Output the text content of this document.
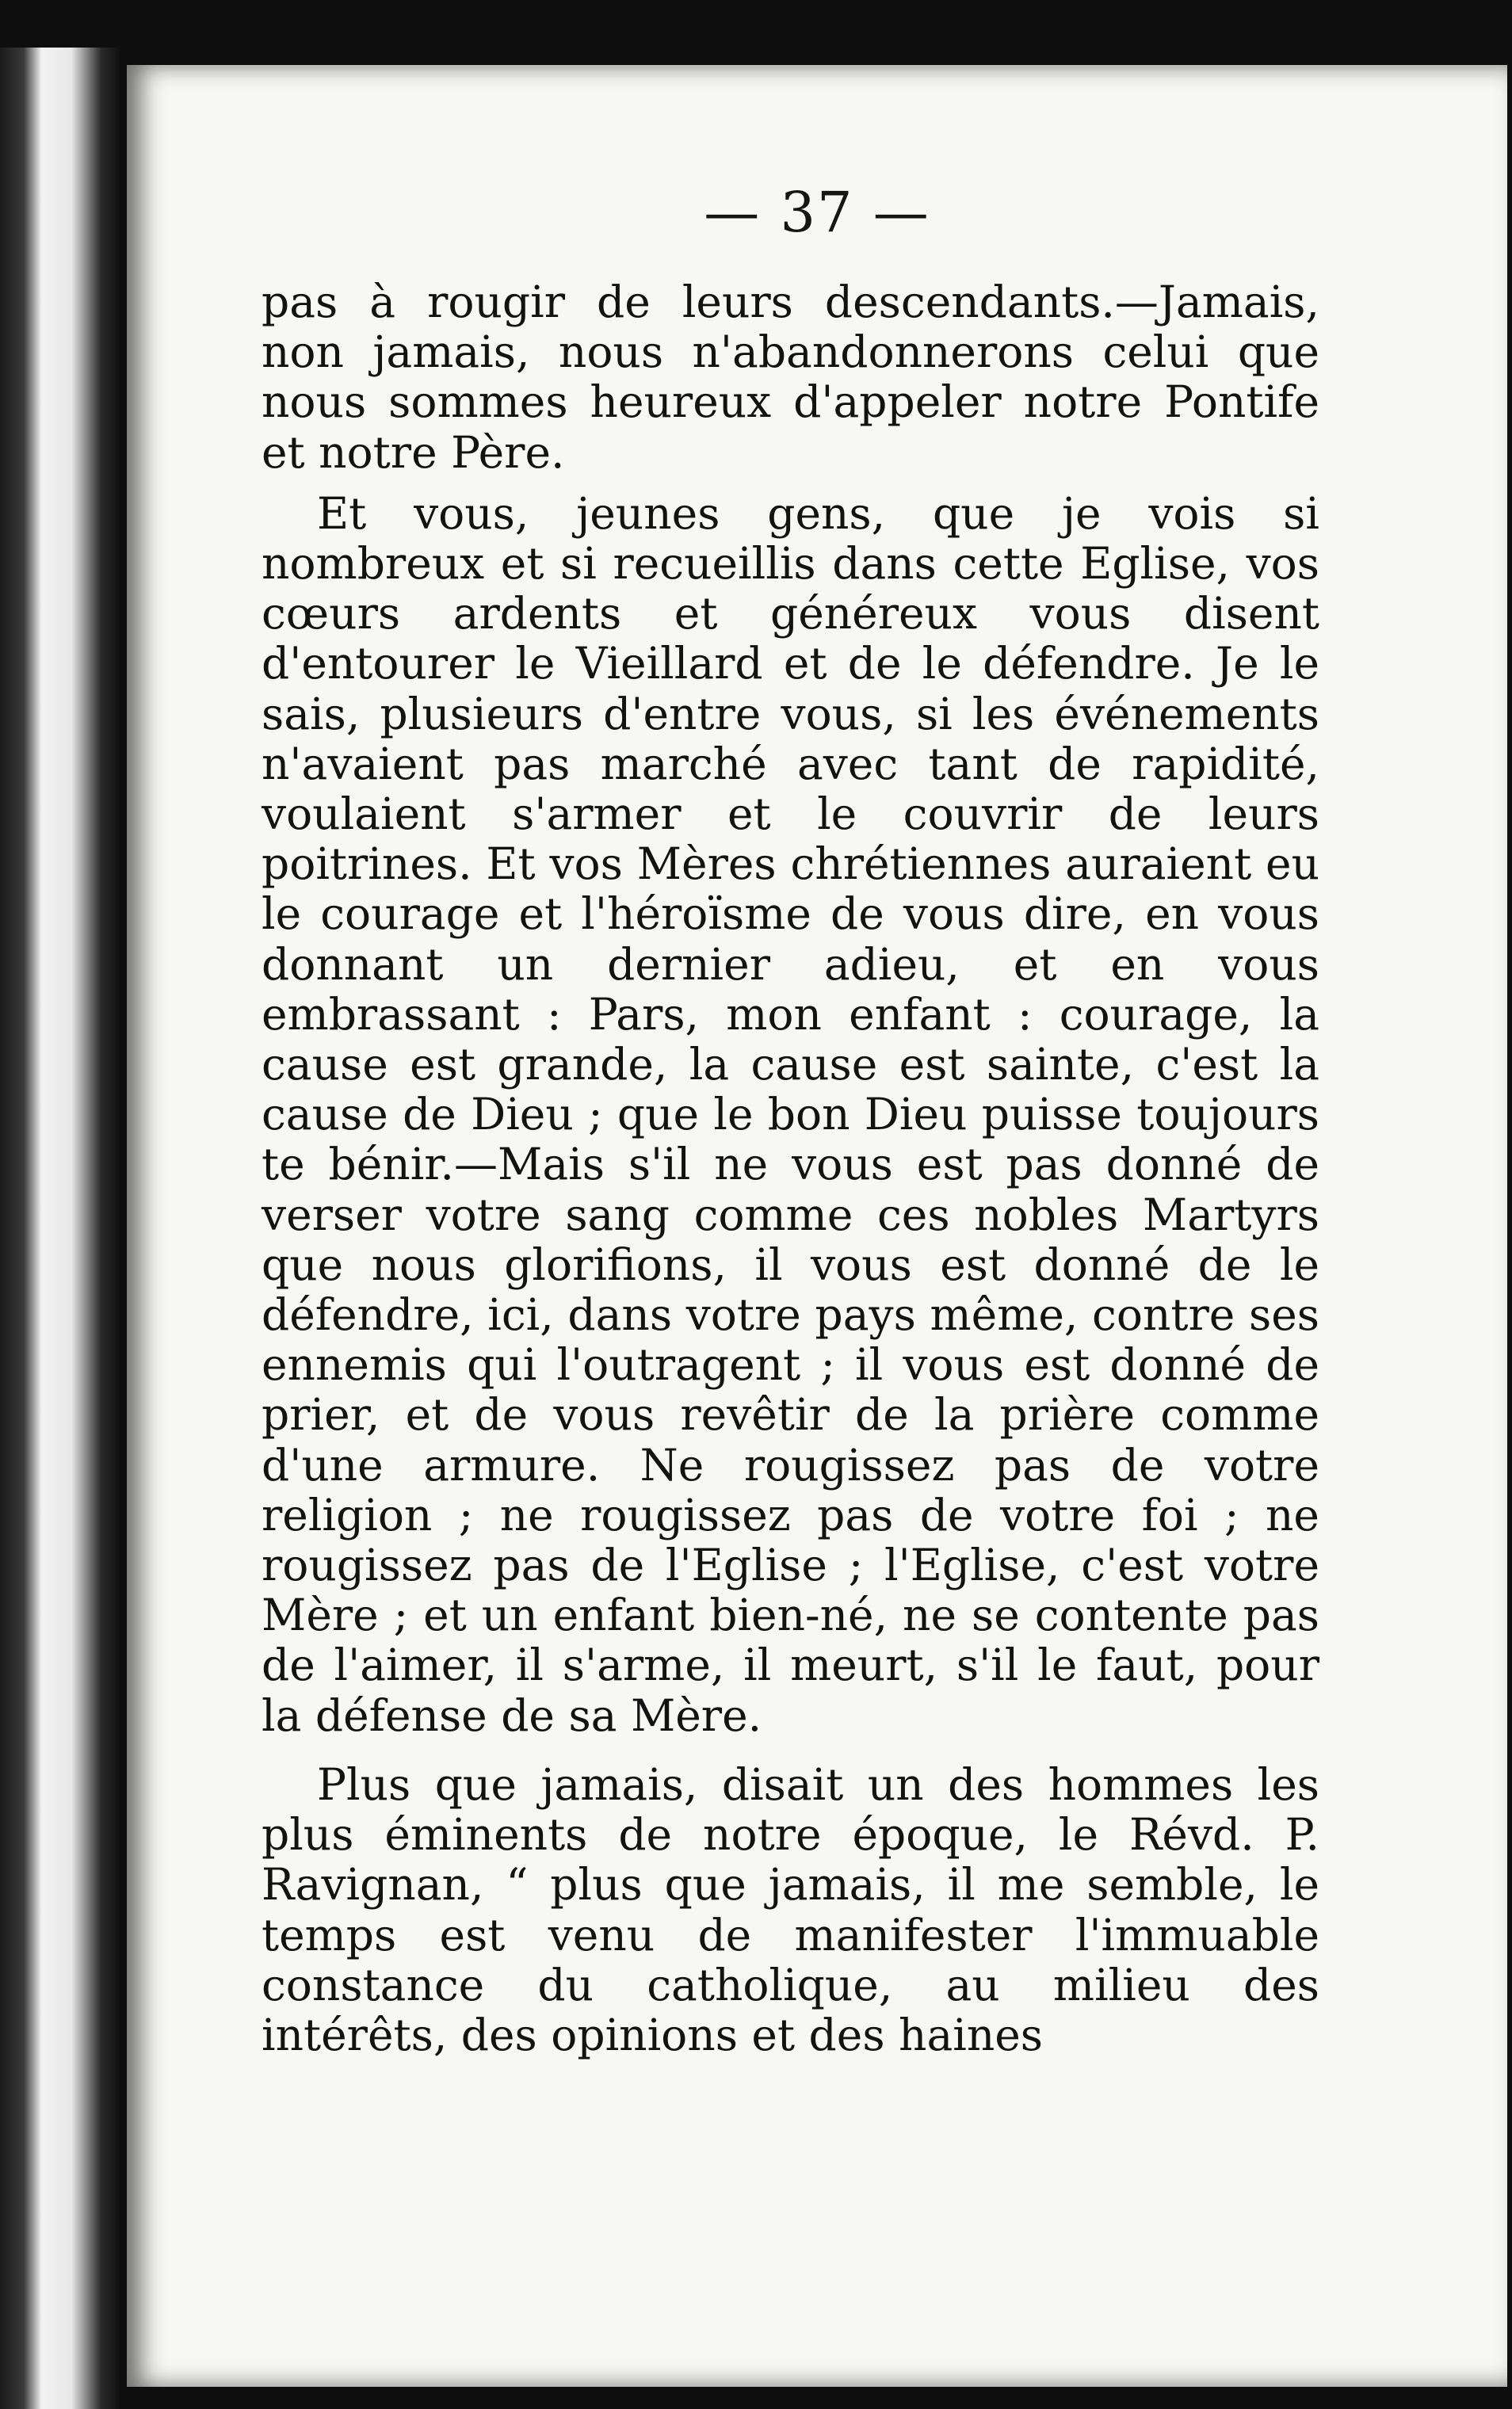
— 37 —

pas à rougir de leurs descendants.—Jamais, non jamais, nous n'abandonnerons celui que nous sommes heureux d'appeler notre Pontife et notre Père.

Et vous, jeunes gens, que je vois si nombreux et si recueillis dans cette Eglise, vos cœurs ardents et généreux vous disent d'entourer le Vieillard et de le défendre. Je le sais, plusieurs d'entre vous, si les événements n'avaient pas marché avec tant de rapidité, voulaient s'armer et le couvrir de leurs poitrines. Et vos Mères chrétiennes auraient eu le courage et l'héroïsme de vous dire, en vous donnant un dernier adieu, et en vous embrassant : Pars, mon enfant : courage, la cause est grande, la cause est sainte, c'est la cause de Dieu ; que le bon Dieu puisse toujours te bénir.—Mais s'il ne vous est pas donné de verser votre sang comme ces nobles Martyrs que nous glorifions, il vous est donné de le défendre, ici, dans votre pays même, contre ses ennemis qui l'outragent ; il vous est donné de prier, et de vous revêtir de la prière comme d'une armure. Ne rougissez pas de votre religion ; ne rougissez pas de votre foi ; ne rougissez pas de l'Eglise ; l'Eglise, c'est votre Mère ; et un enfant bien-né, ne se contente pas de l'aimer, il s'arme, il meurt, s'il le faut, pour la défense de sa Mère.

Plus que jamais, disait un des hommes les plus éminents de notre époque, le Révd. P. Ravignan, “ plus que jamais, il me semble, le temps est venu de manifester l'immuable constance du catholique, au milieu des intérêts, des opinions et des haines
